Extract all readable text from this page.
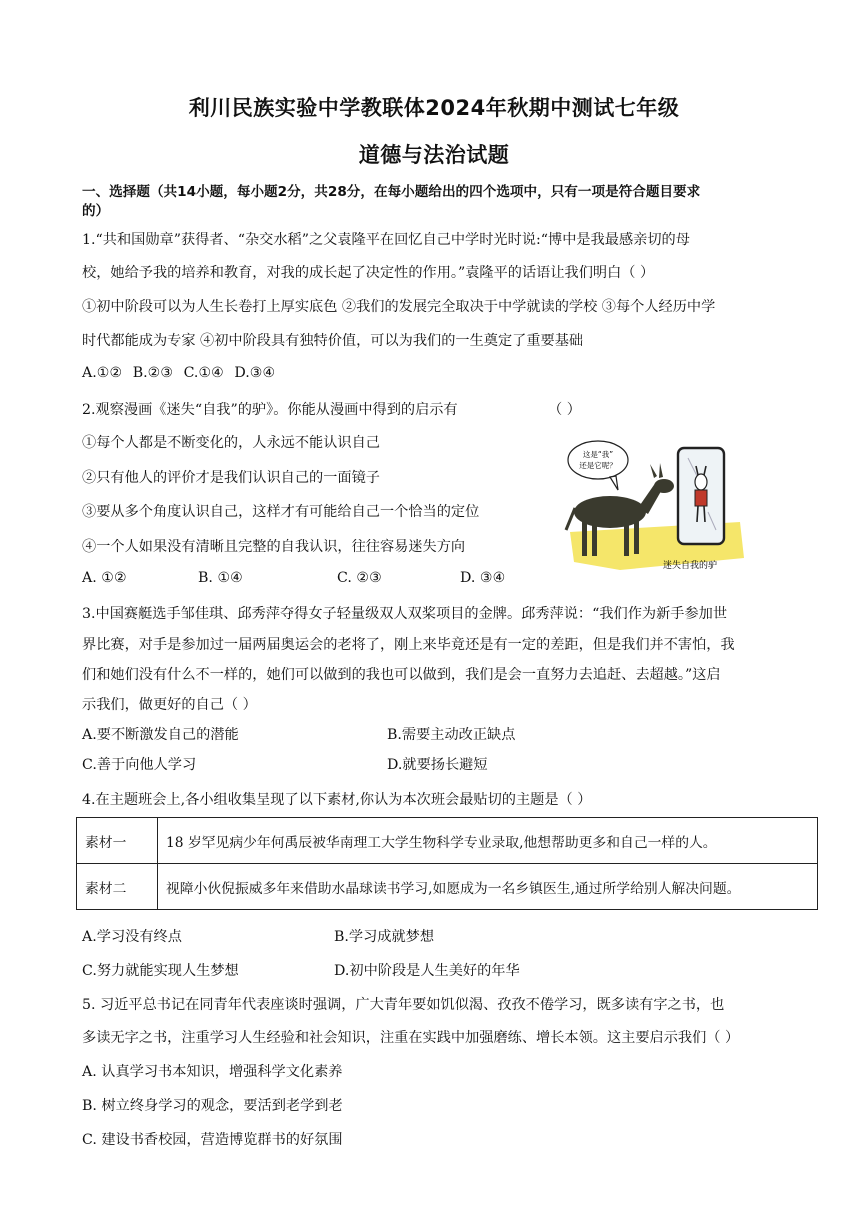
利川民族实验中学教联体2024年秋期中测试七年级
道德与法治试题
一、选择题（共14小题，每小题2分，共28分，在每小题给出的四个选项中，只有一项是符合题目要求
的）
1.“共和国勋章”获得者、“杂交水稻”之父袁隆平在回忆自己中学时光时说:“博中是我最感亲切的母
校，她给予我的培养和教育，对我的成长起了决定性的作用。”袁隆平的话语让我们明白（ ）
①初中阶段可以为人生长卷打上厚实底色 ②我们的发展完全取决于中学就读的学校 ③每个人经历中学
时代都能成为专家 ④初中阶段具有独特价值，可以为我们的一生奠定了重要基础
A.①② B.②③ C.①④ D.③④
2.观察漫画《迷失“自我”的驴》。你能从漫画中得到的启示有	（ ）
①每个人都是不断变化的，人永远不能认识自己
②只有他人的评价才是我们认识自己的一面镜子
③要从多个角度认识自己，这样才有可能给自己一个恰当的定位
④一个人如果没有清晰且完整的自我认识，往往容易迷失方向
A. ①②	B. ①④	C. ②③	D. ③④
这是“我”
还是它呢？
迷失自我的驴
3.中国赛艇选手邹佳琪、邱秀萍夺得女子轻量级双人双桨项目的金牌。邱秀萍说：“我们作为新手参加世
界比赛，对手是参加过一届两届奥运会的老将了，刚上来毕竟还是有一定的差距，但是我们并不害怕，我
们和她们没有什么不一样的，她们可以做到的我也可以做到，我们是会一直努力去追赶、去超越。”这启
示我们，做更好的自己（ ）
A.要不断激发自己的潜能	B.需要主动改正缺点
C.善于向他人学习	D.就要扬长避短
4.在主题班会上,各小组收集呈现了以下素材,你认为本次班会最贴切的主题是（ ）
素材一	18 岁罕见病少年何禹辰被华南理工大学生物科学专业录取,他想帮助更多和自己一样的人。
素材二	视障小伙倪振威多年来借助水晶球读书学习,如愿成为一名乡镇医生,通过所学给别人解决问题。
A.学习没有终点	B.学习成就梦想
C.努力就能实现人生梦想	D.初中阶段是人生美好的年华
5. 习近平总书记在同青年代表座谈时强调，广大青年要如饥似渴、孜孜不倦学习，既多读有字之书，也
多读无字之书，注重学习人生经验和社会知识，注重在实践中加强磨练、增长本领。这主要启示我们（ ）
A. 认真学习书本知识，增强科学文化素养
B. 树立终身学习的观念，要活到老学到老
C. 建设书香校园，营造博览群书的好氛围
